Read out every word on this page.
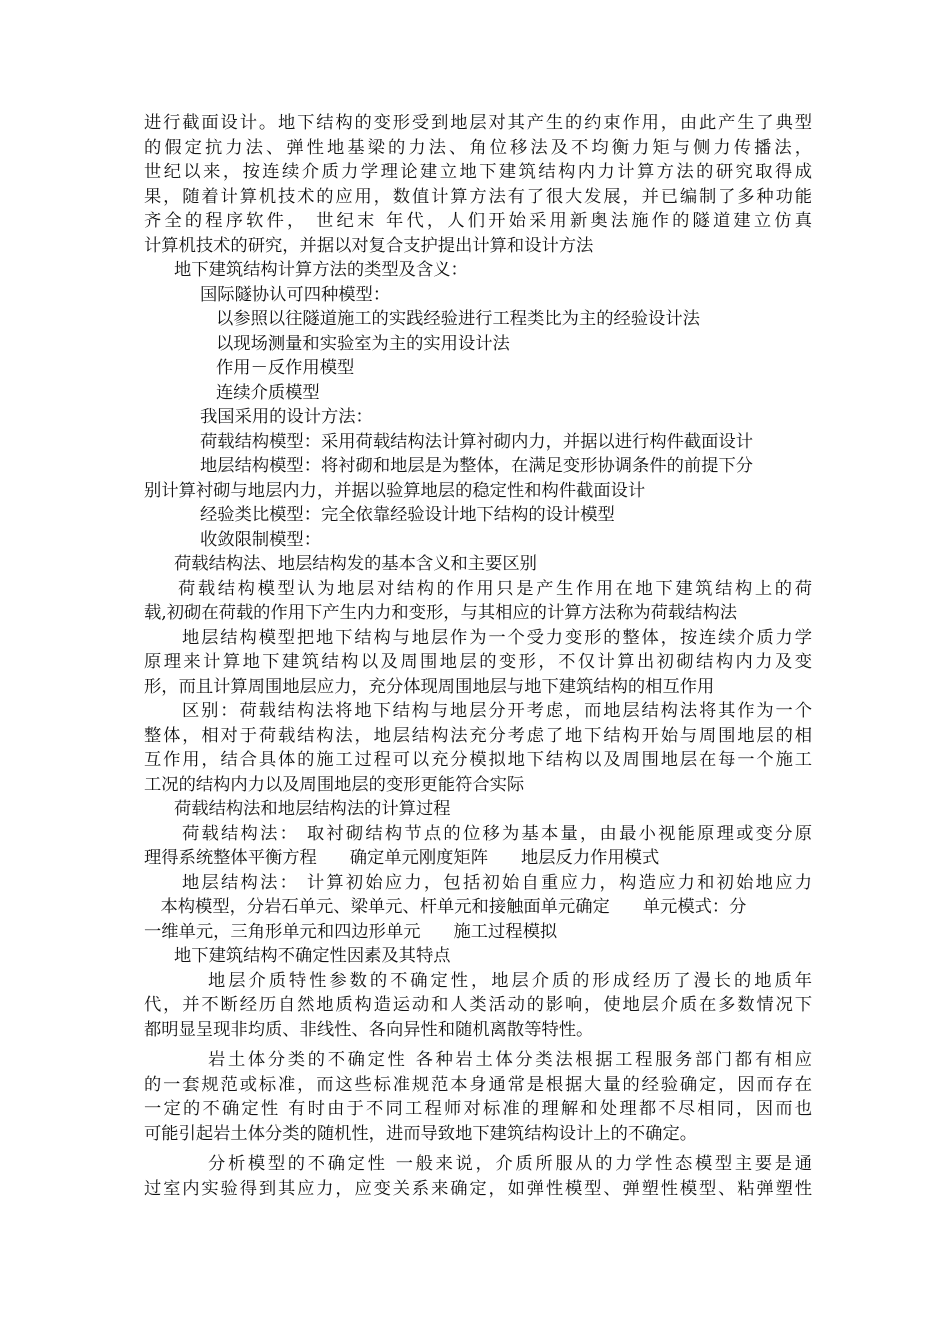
进行截面设计。地下结构的变形受到地层对其产生的约束作用，由此产生了典型
的假定抗力法、弹性地基梁的力法、角位移法及不均衡力矩与侧力传播法，
世纪以来，按连续介质力学理论建立地下建筑结构内力计算方法的研究取得成
果，随着计算机技术的应用，数值计算方法有了很大发展，并已编制了多种功能
齐全的程序软件， 世纪末 年代，人们开始采用新奥法施作的隧道建立仿真
计算机技术的研究，并据以对复合支护提出计算和设计方法
地下建筑结构计算方法的类型及含义：
国际隧协认可四种模型：
以参照以往隧道施工的实践经验进行工程类比为主的经验设计法
以现场测量和实验室为主的实用设计法
作用－反作用模型
连续介质模型
我国采用的设计方法：
荷载结构模型：采用荷载结构法计算衬砌内力，并据以进行构件截面设计
地层结构模型：将衬砌和地层是为整体，在满足变形协调条件的前提下分
别计算衬砌与地层内力，并据以验算地层的稳定性和构件截面设计
经验类比模型：完全依靠经验设计地下结构的设计模型
收敛限制模型：
荷载结构法、地层结构发的基本含义和主要区别
荷载结构模型认为地层对结构的作用只是产生作用在地下建筑结构上的荷
载,初砌在荷载的作用下产生内力和变形，与其相应的计算方法称为荷载结构法
地层结构模型把地下结构与地层作为一个受力变形的整体，按连续介质力学
原理来计算地下建筑结构以及周围地层的变形，不仅计算出初砌结构内力及变
形，而且计算周围地层应力，充分体现周围地层与地下建筑结构的相互作用
区别：荷载结构法将地下结构与地层分开考虑，而地层结构法将其作为一个
整体，相对于荷载结构法，地层结构法充分考虑了地下结构开始与周围地层的相
互作用，结合具体的施工过程可以充分模拟地下结构以及周围地层在每一个施工
工况的结构内力以及周围地层的变形更能符合实际
荷载结构法和地层结构法的计算过程
荷载结构法： 取衬砌结构节点的位移为基本量，由最小视能原理或变分原
理得系统整体平衡方程      确定单元刚度矩阵      地层反力作用模式
地层结构法： 计算初始应力，包括初始自重应力，构造应力和初始地应力
本构模型，分岩石单元、梁单元、杆单元和接触面单元确定      单元模式：分
一维单元，三角形单元和四边形单元      施工过程模拟
地下建筑结构不确定性因素及其特点
地层介质特性参数的不确定性，地层介质的形成经历了漫长的地质年
代，并不断经历自然地质构造运动和人类活动的影响，使地层介质在多数情况下
都明显呈现非均质、非线性、各向异性和随机离散等特性。
岩土体分类的不确定性 各种岩土体分类法根据工程服务部门都有相应
的一套规范或标准，而这些标准规范本身通常是根据大量的经验确定，因而存在
一定的不确定性 有时由于不同工程师对标准的理解和处理都不尽相同，因而也
可能引起岩土体分类的随机性，进而导致地下建筑结构设计上的不确定。
分析模型的不确定性 一般来说，介质所服从的力学性态模型主要是通
过室内实验得到其应力，应变关系来确定，如弹性模型、弹塑性模型、粘弹塑性
